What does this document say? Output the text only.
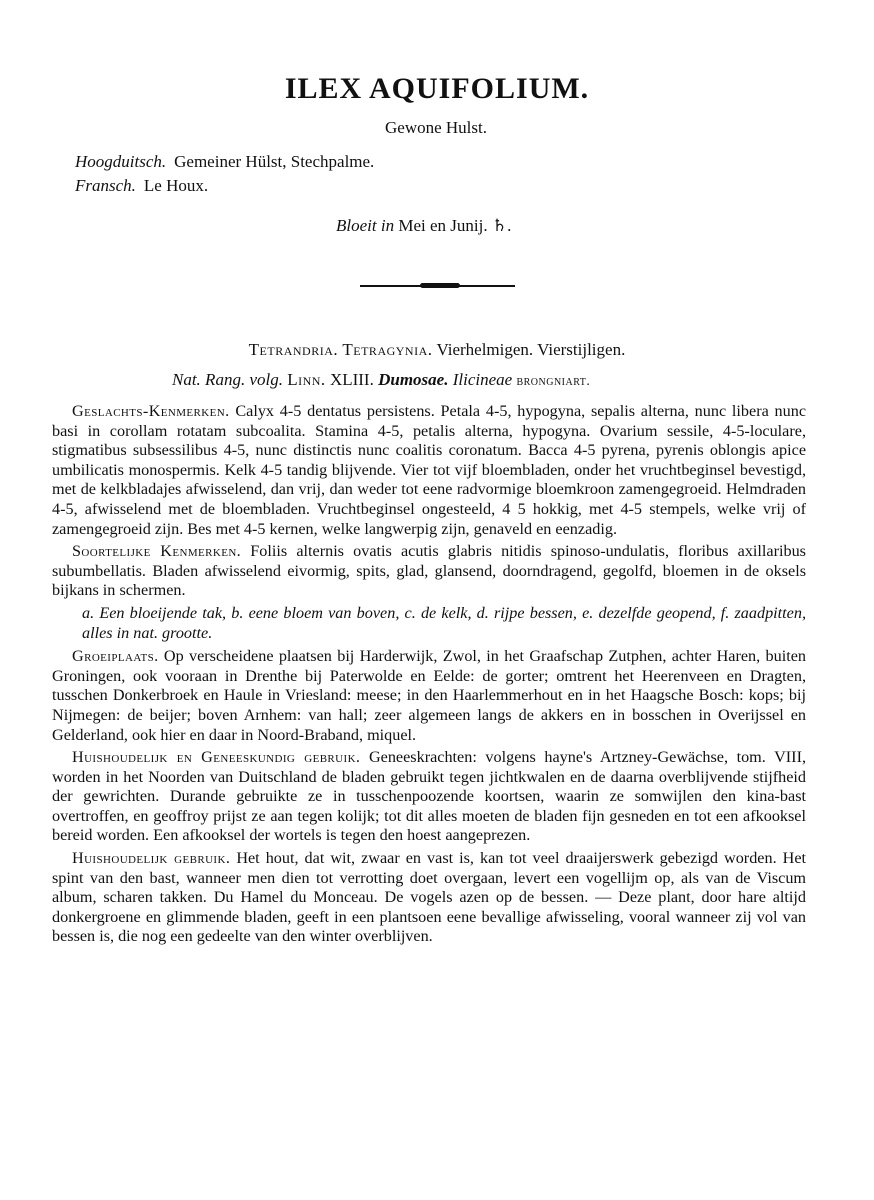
ILEX AQUIFOLIUM.
Gewone Hulst.
Hoogduitsch. Gemeiner Hülst, Stechpalme.
Fransch. Le Houx.
Bloeit in Mei en Junij. ♄.
Tetrandria. Tetragynia. Vierhelmigen. Vierstijligen.
Nat. Rang. volg. Linn. XLIII. Dumosae. Ilicineae brongniart.

Geslachts-Kenmerken. Calyx 4-5 dentatus persistens. Petala 4-5, hypogyna, sepalis alterna, nunc libera nunc basi in corollam rotatam subcoalita. Stamina 4-5, petalis alterna, hypogyna. Ovarium sessile, 4-5-loculare, stigmatibus subsessilibus 4-5, nunc distinctis nunc coalitis coronatum. Bacca 4-5 pyrena, pyrenis oblongis apice umbilicatis monospermis. Kelk 4-5 tandig blijvende. Vier tot vijf bloembladen, onder het vruchtbeginsel bevestigd, met de kelkbladajes afwisselend, dan vrij, dan weder tot eene radvormige bloemkroon zamengegroeid. Helmdraden 4-5, afwisselend met de bloembladen. Vruchtbeginsel ongesteeld, 4 5 hokkig, met 4-5 stempels, welke vrij of zamengegroeid zijn. Bes met 4-5 kernen, welke langwerpig zijn, genaveld en eenzadig.

Soortelijke Kenmerken. Foliis alternis ovatis acutis glabris nitidis spinoso-undulatis, floribus axillaribus subumbellatis. Bladen afwisselend eivormig, spits, glad, glansend, doorndragend, gegolfd, bloemen in de oksels bijkans in schermen.

a. Een bloeijende tak, b. eene bloem van boven, c. de kelk, d. rijpe bessen, e. dezelfde geopend, f. zaadpitten, alles in nat. grootte.

Groeiplaats. Op verscheidene plaatsen bij Harderwijk, Zwol, in het Graafschap Zutphen, achter Haren, buiten Groningen, ook vooraan in Drenthe bij Paterwolde en Eelde: de gorter; omtrent het Heerenveen en Dragten, tusschen Donkerbroek en Haule in Vriesland: meese; in den Haarlemmerhout en in het Haagsche Bosch: kops; bij Nijmegen: de beijer; boven Arnhem: van hall; zeer algemeen langs de akkers en in bosschen in Overijssel en Gelderland, ook hier en daar in Noord-Braband, miquel.

Huishoudelijk en Geneeskundig gebruik. Geneeskrachten: volgens hayne's Artzney-Gewächse, tom. VIII, worden in het Noorden van Duitschland de bladen gebruikt tegen jichtkwalen en de daarna overblijvende stijfheid der gewrichten. Durande gebruikte ze in tusschenpoozende koortsen, waarin ze somwijlen den kina-bast overtroffen, en geoffroy prijst ze aan tegen kolijk; tot dit alles moeten de bladen fijn gesneden en tot een afkooksel bereid worden. Een afkooksel der wortels is tegen den hoest aangeprezen.

Huishoudelijk gebruik. Het hout, dat wit, zwaar en vast is, kan tot veel draaijerswerk gebezigd worden. Het spint van den bast, wanneer men dien tot verrotting doet overgaan, levert een vogellijm op, als van de Viscum album, scharen takken. Du Hamel du Monceau. De vogels azen op de bessen. — Deze plant, door hare altijd donkergroene en glimmende bladen, geeft in een plantsoen eene bevallige afwisseling, vooral wanneer zij vol van bessen is, die nog een gedeelte van den winter overblijven.
